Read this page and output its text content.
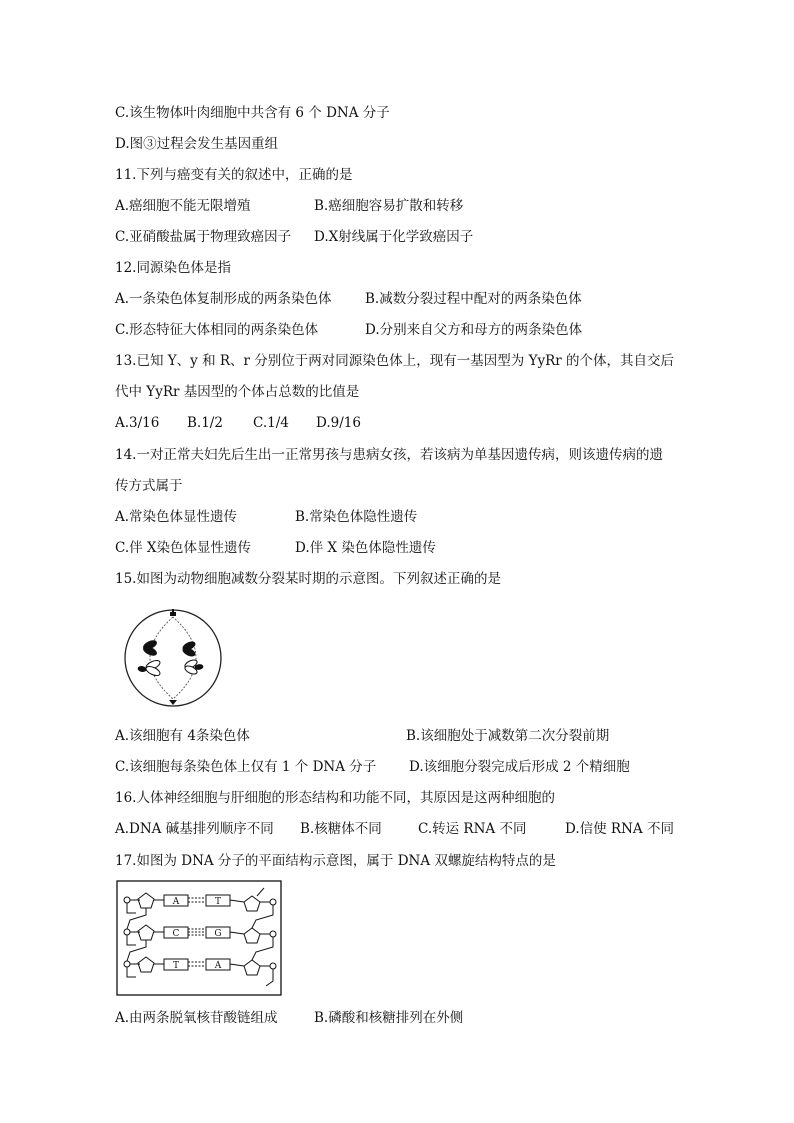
C.该生物体叶肉细胞中共含有 6 个 DNA 分子
D.图③过程会发生基因重组
11.下列与癌变有关的叙述中，正确的是
A.癌细胞不能无限增殖	B.癌细胞容易扩散和转移
C.亚硝酸盐属于物理致癌因子 D.X射线属于化学致癌因子
12.同源染色体是指
A.一条染色体复制形成的两条染色体 B.减数分裂过程中配对的两条染色体
C.形态特征大体相同的两条染色体	D.分别来自父方和母方的两条染色体
13.已知 Y、y 和 R、r 分别位于两对同源染色体上，现有一基因型为 YyRr 的个体，其自交后
代中 YyRr 基因型的个体占总数的比值是
A.3/16 B.1/2 C.1/4 D.9/16
14.一对正常夫妇先后生出一正常男孩与患病女孩，若该病为单基因遗传病，则该遗传病的遗
传方式属于
A.常染色体显性遗传	B.常染色体隐性遗传
C.伴 X染色体显性遗传	D.伴 X 染色体隐性遗传
15.如图为动物细胞减数分裂某时期的示意图。下列叙述正确的是
A.该细胞有 4条染色体	B.该细胞处于减数第二次分裂前期
C.该细胞每条染色体上仅有 1 个 DNA 分子 D.该细胞分裂完成后形成 2 个精细胞
16.人体神经细胞与肝细胞的形态结构和功能不同，其原因是这两种细胞的
A.DNA 碱基排列顺序不同 B.核糖体不同	C.转运 RNA 不同	D.信使 RNA 不同
17.如图为 DNA 分子的平面结构示意图，属于 DNA 双螺旋结构特点的是
A	T
C	G
T	A
A.由两条脱氧核苷酸链组成	B.磷酸和核糖排列在外侧
